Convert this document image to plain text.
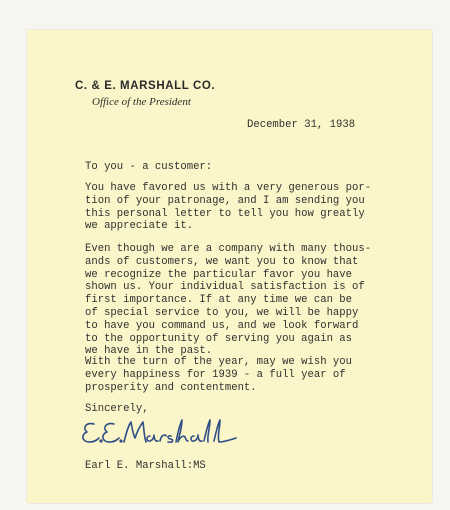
C. & E. MARSHALL CO.
Office of the President
December 31, 1938
To you - a customer:
You have favored us with a very generous por-
tion of your patronage, and I am sending you
this personal letter to tell you how greatly
we appreciate it.
Even though we are a company with many thous-
ands of customers, we want you to know that
we recognize the particular favor you have
shown us. Your individual satisfaction is of
first importance. If at any time we can be
of special service to you, we will be happy
to have you command us, and we look forward
to the opportunity of serving you again as
we have in the past.
With the turn of the year, may we wish you
every happiness for 1939 - a full year of
prosperity and contentment.
Sincerely,
Earl E. Marshall:MS
